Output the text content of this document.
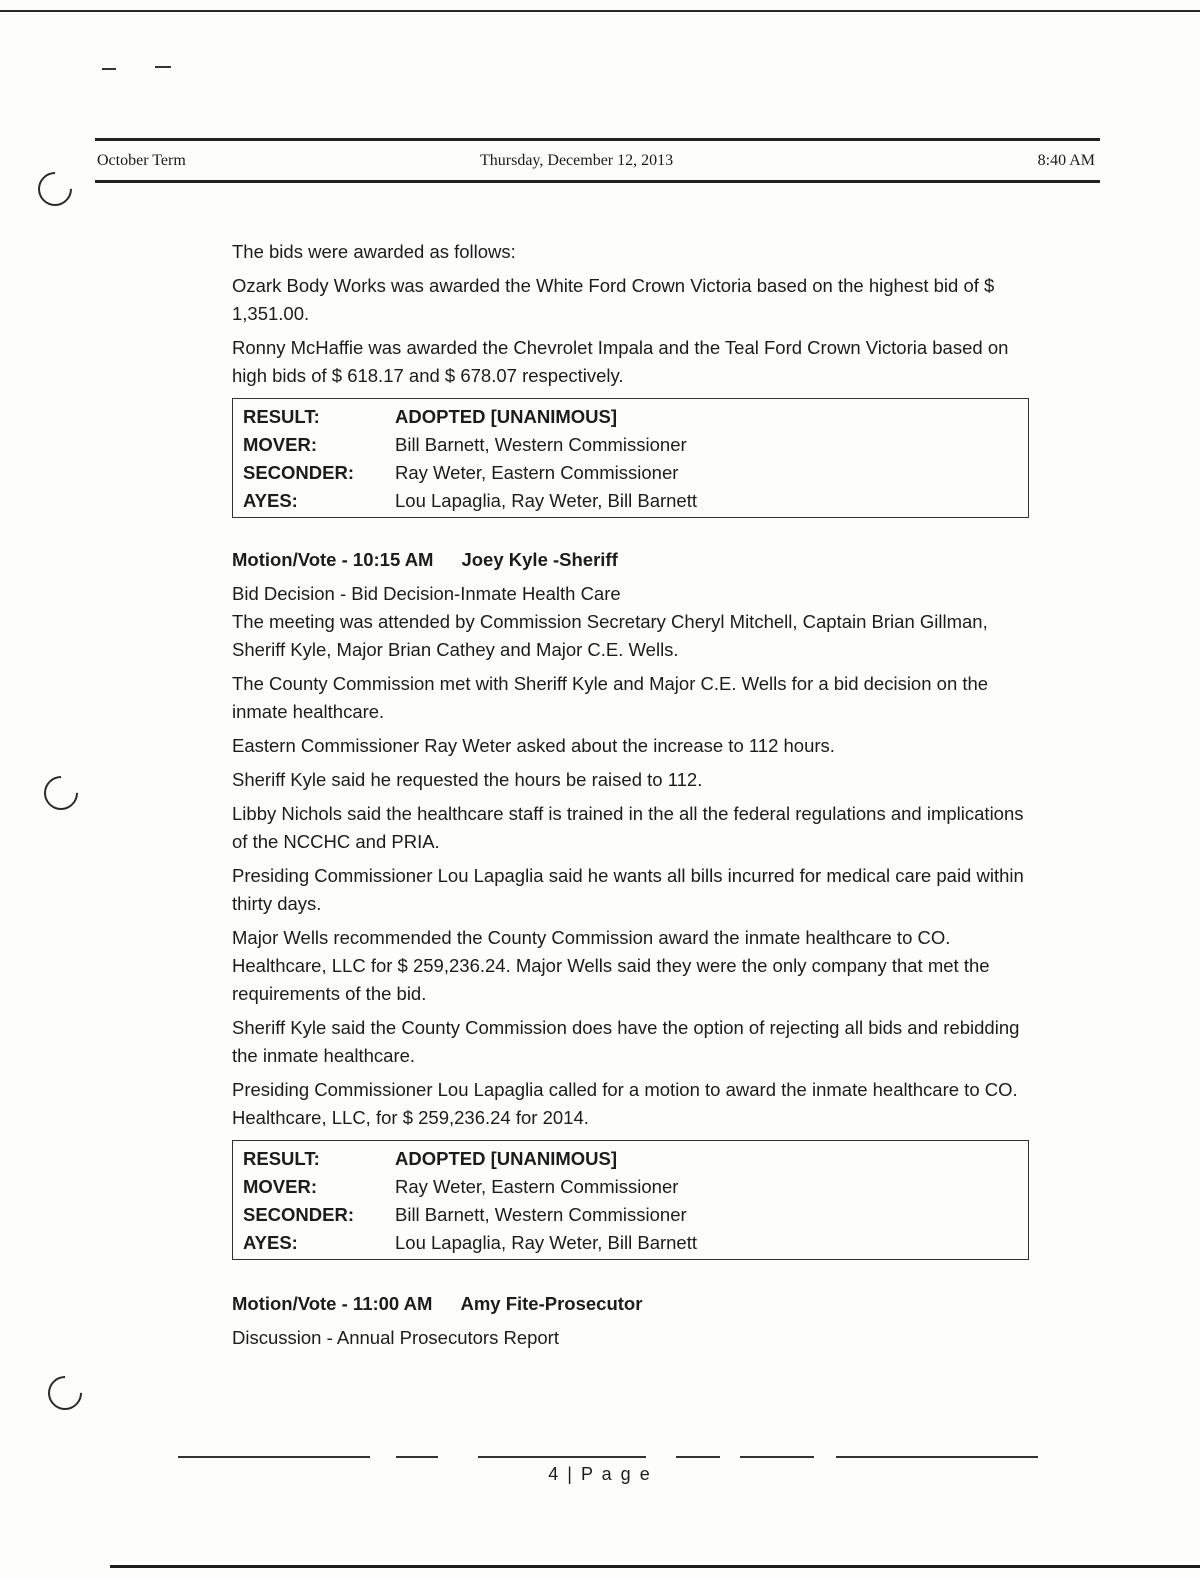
October Term	Thursday, December 12, 2013	8:40 AM

The bids were awarded as follows:

Ozark Body Works was awarded the White Ford Crown Victoria based on the highest bid of $ 1,351.00.

Ronny McHaffie was awarded the Chevrolet Impala and the Teal Ford Crown Victoria based on high bids of $ 618.17 and $ 678.07 respectively.

RESULT:	ADOPTED [UNANIMOUS]
MOVER:	Bill Barnett, Western Commissioner
SECONDER:	Ray Weter, Eastern Commissioner
AYES:	Lou Lapaglia, Ray Weter, Bill Barnett

Motion/Vote - 10:15 AM Joey Kyle -Sheriff

Bid Decision - Bid Decision-Inmate Health Care

The meeting was attended by Commission Secretary Cheryl Mitchell, Captain Brian Gillman, Sheriff Kyle, Major Brian Cathey and Major C.E. Wells.

The County Commission met with Sheriff Kyle and Major C.E. Wells for a bid decision on the inmate healthcare.

Eastern Commissioner Ray Weter asked about the increase to 112 hours.

Sheriff Kyle said he requested the hours be raised to 112.

Libby Nichols said the healthcare staff is trained in the all the federal regulations and implications of the NCCHC and PRIA.

Presiding Commissioner Lou Lapaglia said he wants all bills incurred for medical care paid within thirty days.

Major Wells recommended the County Commission award the inmate healthcare to CO. Healthcare, LLC for $ 259,236.24. Major Wells said they were the only company that met the requirements of the bid.

Sheriff Kyle said the County Commission does have the option of rejecting all bids and rebidding the inmate healthcare.

Presiding Commissioner Lou Lapaglia called for a motion to award the inmate healthcare to CO. Healthcare, LLC, for $ 259,236.24 for 2014.

RESULT:	ADOPTED [UNANIMOUS]
MOVER:	Ray Weter, Eastern Commissioner
SECONDER:	Bill Barnett, Western Commissioner
AYES:	Lou Lapaglia, Ray Weter, Bill Barnett

Motion/Vote - 11:00 AM Amy Fite-Prosecutor

Discussion - Annual Prosecutors Report

4 | P a g e
